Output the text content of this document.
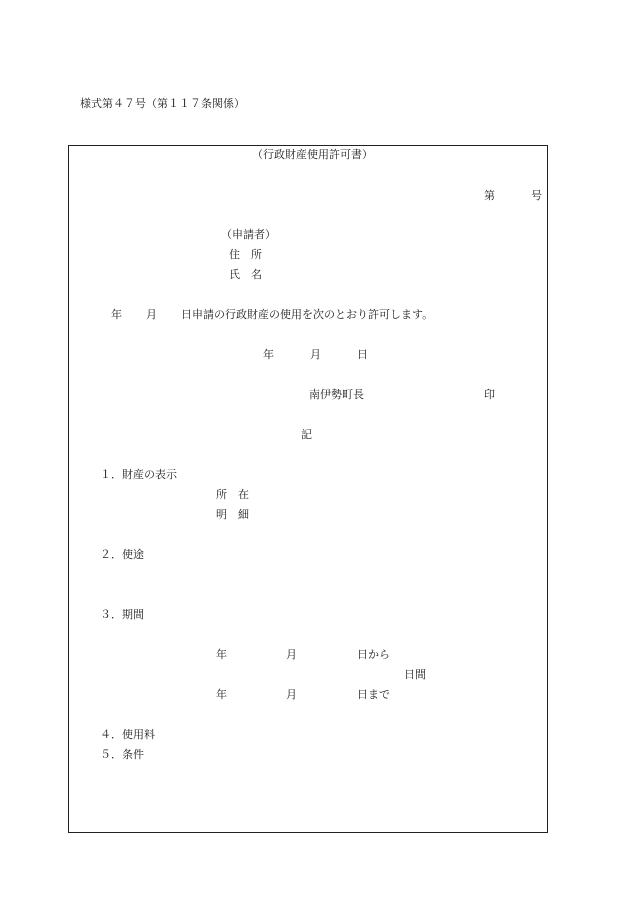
様式第４７号（第１１７条関係）
（行政財産使用許可書）
第	号
（申請者）
住　所
氏　名
年 月 日申請の行政財産の使用を次のとおり許可します。
年	月	日
南伊勢町長	印
記
１．財産の表示
所　在
明　細
２．使途
３．期間
年	月	日から
日間
年	月	日まで
４．使用料
５．条件
